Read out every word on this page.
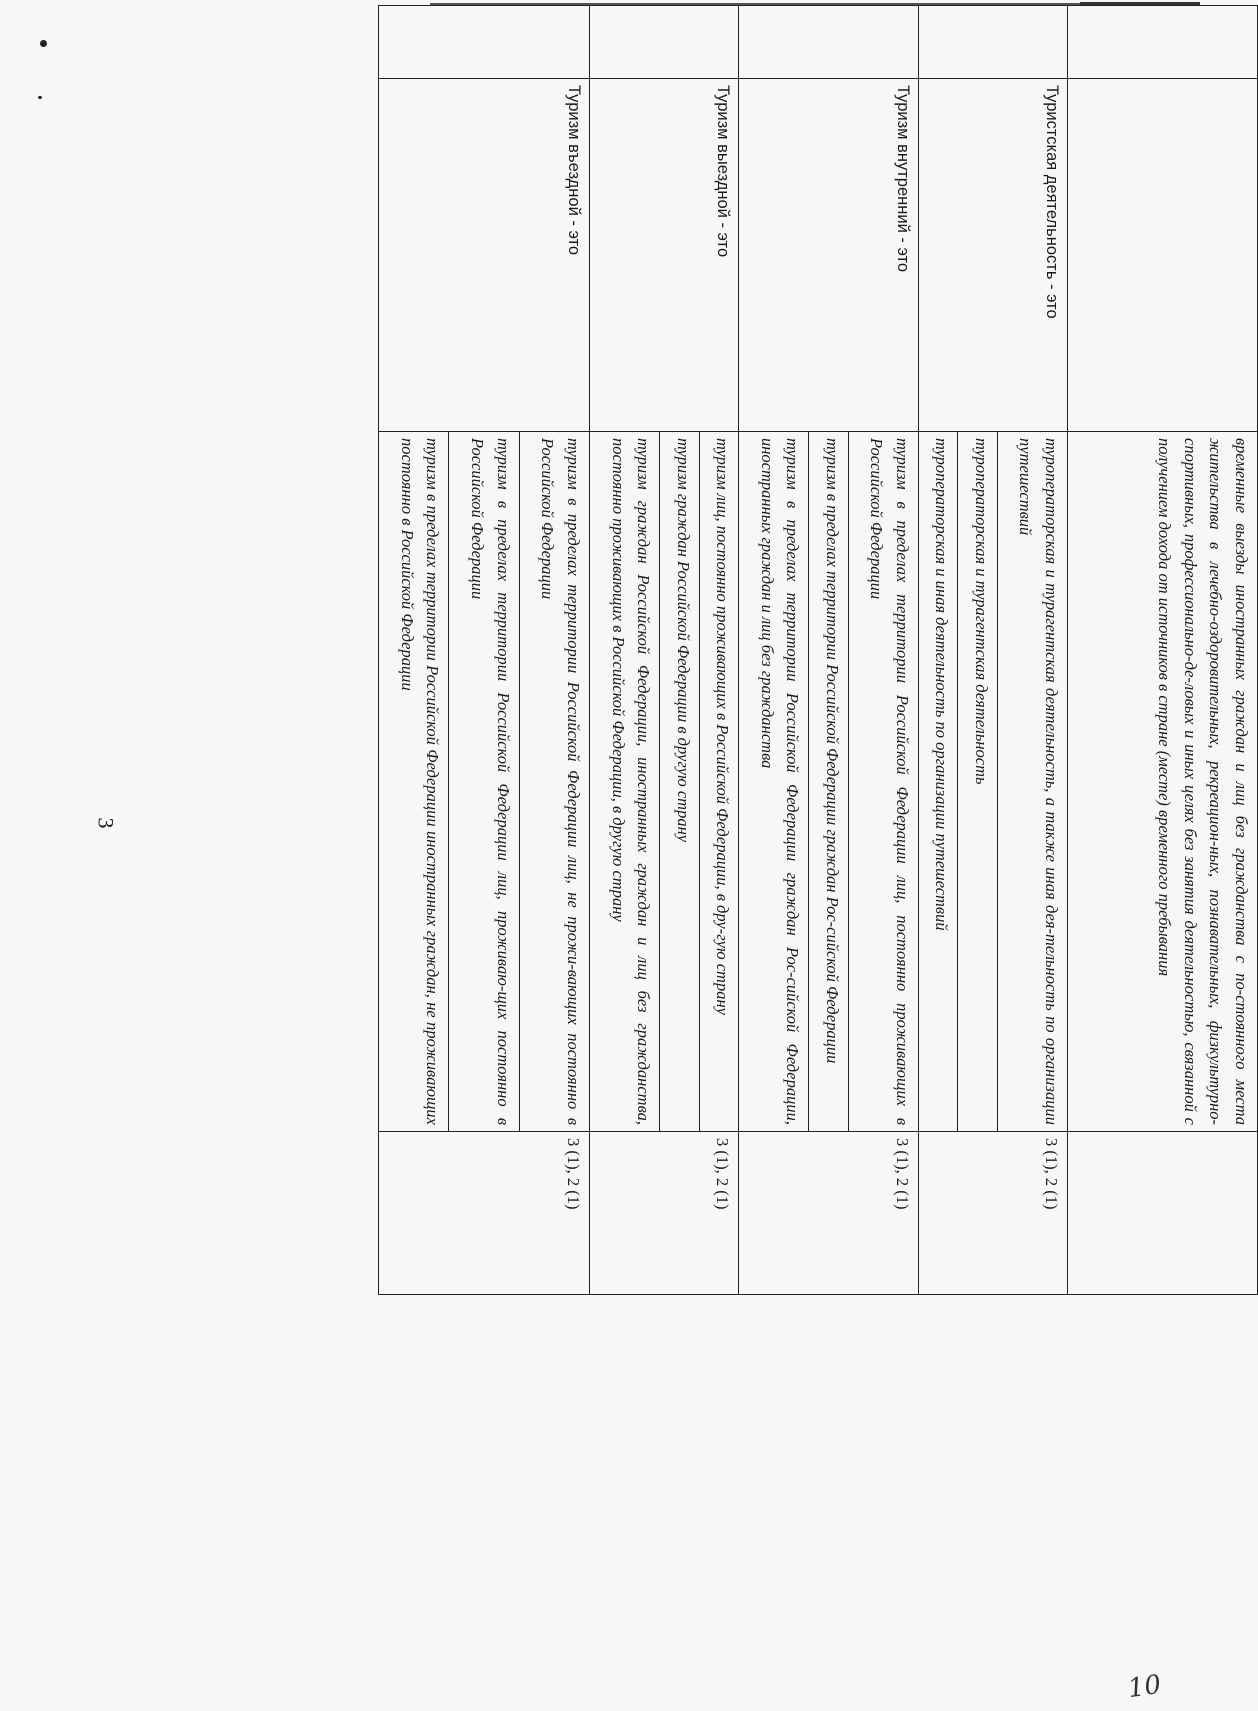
3
10
		временные выезды иностранных граждан и лиц без гражданства с по-стоянного места жительства в лечебно-оздоровительных, рекреацион-ных, познавательных, физкультурно-спортивных, профессионально-де-ловых и иных целях без занятия деятельностью, связанной с получением дохода от источников в стране (месте) временного пребывания	
	Туристская деятельность - это	туроператорская и турагентская деятельность, а также иная дея-тельность по организации путешествий	3 (1), 2 (1)
		туроператорская и турагентская деятельность	
		туроператорская и иная деятельность по организации путешествий	
	Туризм внутренний - это	туризм в пределах территории Российской Федерации лиц, постоянно проживающих в Российской Федерации	3 (1), 2 (1)
		туризм в пределах территории Российской Федерации граждан Рос-сийской Федерации	
		туризм в пределах территории Российской Федерации граждан Рос-сийской Федерации, иностранных граждан и лиц без гражданства	
	Туризм выездной - это	туризм лиц, постоянно проживающих в Российской Федерации, в дру-гую страну	3 (1), 2 (1)
		туризм граждан Российской Федерации в другую страну	
		туризм граждан Российской Федерации, иностранных граждан и лиц без гражданства, постоянно проживающих в Российской Федерации, в другую страну	
	Туризм въездной - это	туризм в пределах территории Российской Федерации лиц, не прожи-вающих постоянно в Российской Федерации	3 (1), 2 (1)
		туризм в пределах территории Российской Федерации лиц, проживаю-щих постоянно в Российской Федерации	
		туризм в пределах территории Российской Федерации иностранных граждан, не проживающих постоянно в Российской Федерации	
